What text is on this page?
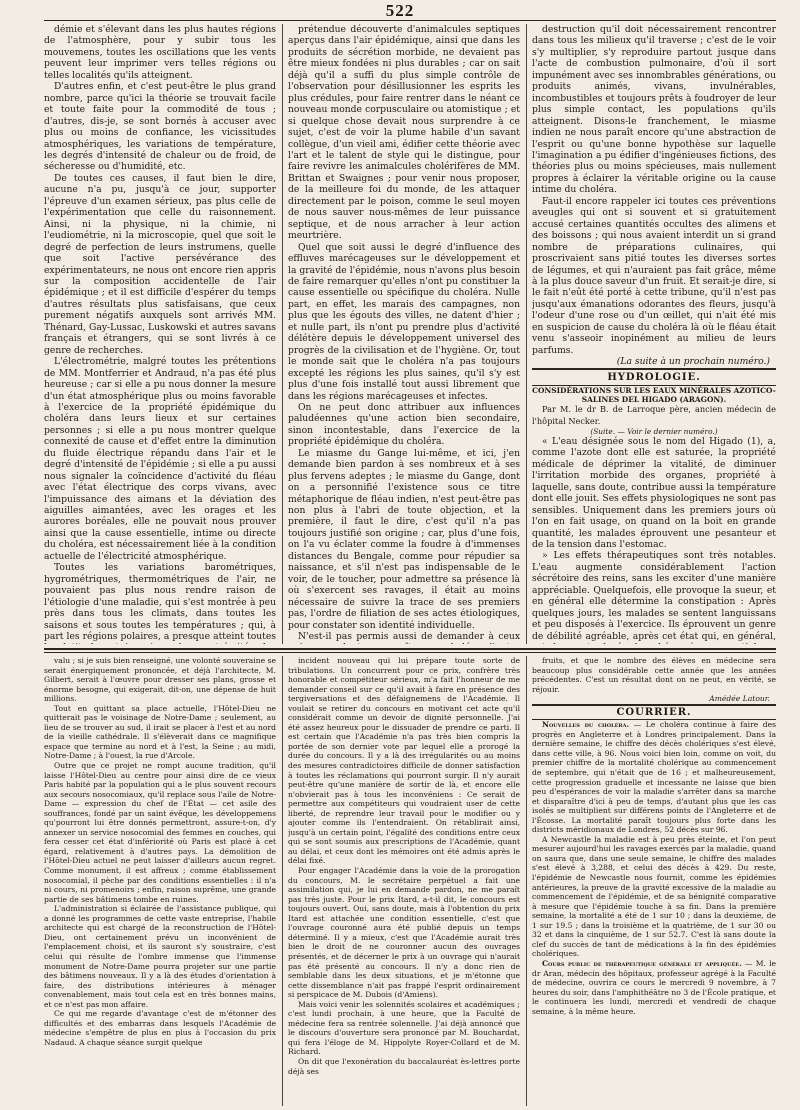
522

démie et s'élevant dans les plus hautes régions de l'atmosphère, pour y subir tous les mouvemens, toutes les oscillations que les vents peuvent leur imprimer vers telles régions ou telles localités qu'ils atteignent.

D'autres enfin, et c'est peut-être le plus grand nombre, parce qu'ici la théorie se trouvait facile et toute faite pour la commodité de tous ; d'autres, dis-je, se sont bornés à accuser avec plus ou moins de confiance, les vicissitudes atmosphériques, les variations de température, les degrés d'intensité de chaleur ou de froid, de sécheresse ou d'humidité, etc.

De toutes ces causes, il faut bien le dire, aucune n'a pu, jusqu'à ce jour, supporter l'épreuve d'un examen sérieux, pas plus celle de l'expérimentation que celle du raisonnement. Ainsi, ni la physique, ni la chimie, ni l'eudiométrie, ni la microscopie, quel que soit le degré de perfection de leurs instrumens, quelle que soit l'active persévérance des expérimentateurs, ne nous ont encore rien appris sur la composition accidentelle de l'air épidémique ; et il est difficile d'espérer du temps d'autres résultats plus satisfaisans, que ceux purement négatifs auxquels sont arrivés MM. Thénard, Gay-Lussac, Luskowski et autres savans français et étrangers, qui se sont livrés à ce genre de recherches.

L'électrométrie, malgré toutes les prétentions de MM. Montferrier et Andraud, n'a pas été plus heureuse ; car si elle a pu nous donner la mesure d'un état atmosphérique plus ou moins favorable à l'exercice de la propriété épidémique du choléra dans leurs lieux et sur certaines personnes ; si elle a pu nous montrer quelque connexité de cause et d'effet entre la diminution du fluide électrique répandu dans l'air et le degré d'intensité de l'épidémie ; si elle a pu aussi nous signaler la coïncidence d'activité du fléau avec l'état électrique des corps vivans, avec l'impuissance des aimans et la déviation des aiguilles aimantées, avec les orages et les aurores boréales, elle ne pouvait nous prouver ainsi que la cause essentielle, intime ou directe du choléra, est nécessairement liée à la condition actuelle de l'électricité atmosphérique.

Toutes les variations barométriques, hygrométriques, thermométriques de l'air, ne pouvaient pas plus nous rendre raison de l'étiologie d'une maladie, qui s'est montrée à peu près dans tous les climats, dans toutes les saisons et sous toutes les températures ; qui, à part les régions polaires, a presque atteint toutes

prétendue découverte d'animalcules septiques aperçus dans l'air épidémique, ainsi que dans les produits de sécrétion morbide, ne devaient pas être mieux fondées ni plus durables ; car on sait déjà qu'il a suffi du plus simple contrôle de l'observation pour désillusionner les esprits les plus crédules, pour faire rentrer dans le néant ce nouveau monde corpusculaire ou atomistique ; et si quelque chose devait nous surprendre à ce sujet, c'est de voir la plume habile d'un savant collègue, d'un vieil ami, édifier cette théorie avec l'art et le talent de style qui le distingue, pour faire revivre les animalcules cholérifères de MM. Brittan et Swaignes ; pour venir nous proposer, de la meilleure foi du monde, de les attaquer directement par le poison, comme le seul moyen de nous sauver nous-mêmes de leur puissance septique, et de nous arracher à leur action meurtrière.

Quel que soit aussi le degré d'influence des effluves marécageuses sur le développement et la gravité de l'épidémie, nous n'avons plus besoin de faire remarquer qu'elles n'ont pu constituer la cause essentielle ou spécifique du choléra. Nulle part, en effet, les marais des campagnes, non plus que les égouts des villes, ne datent d'hier ; et nulle part, ils n'ont pu prendre plus d'activité délétère depuis le développement universel des progrès de la civilisation et de l'hygiène. Or, tout le monde sait que le choléra n'a pas toujours excepté les régions les plus saines, qu'il s'y est plus d'une fois installé tout aussi librement que dans les régions marécageuses et infectes.

On ne peut donc attribuer aux influences paludéennes qu'une action bien secondaire, sinon incontestable, dans l'exercice de la propriété épidémique du choléra.

Le miasme du Gange lui-même, et ici, j'en demande bien pardon à ses nombreux et à ses plus fervens adeptes ; le miasme du Gange, dont on a personnifié l'existence sous ce titre métaphorique de fléau indien, n'est peut-être pas non plus à l'abri de toute objection, et la première, il faut le dire, c'est qu'il n'a pas toujours justifié son origine ; car, plus d'une fois, on l'a vu éclater comme la foudre à d'immenses distances du Bengale, comme pour répudier sa naissance, et s'il n'est pas indispensable de le voir, de le toucher, pour admettre sa présence là où s'exercent ses ravages, il était au moins nécessaire de suivre la trace de ses premiers pas, l'ordre de filiation de ses actes étiologiques, pour constater son identité individuelle.

N'est-il pas permis aussi de demander à ceux

destruction qu'il doit nécessairement rencontrer dans tous les milieux qu'il traverse ; c'est de le voir s'y multiplier, s'y reproduire partout jusque dans l'acte de combustion pulmonaire, d'où il sort impunément avec ses innombrables générations, ou produits animés, vivans, invulnérables, incombustibles et toujours prêts à foudroyer de leur plus simple contact, les populations qu'ils atteignent. Disons-le franchement, le miasme indien ne nous paraît encore qu'une abstraction de l'esprit ou qu'une bonne hypothèse sur laquelle l'imagination a pu édifier d'ingénieuses fictions, des théories plus ou moins spécieuses, mais nullement propres à éclairer la véritable origine ou la cause intime du choléra.

Faut-il encore rappeler ici toutes ces préventions aveugles qui ont si souvent et si gratuitement accusé certaines quantités occultes des alimens et des boissons ; qui nous avaient interdit un si grand nombre de préparations culinaires, qui proscrivaient sans pitié toutes les diverses sortes de légumes, et qui n'auraient pas fait grâce, même à la plus douce saveur d'un fruit. Et serait-je dire, si le fait n'eût été porté à cette tribune, qu'il n'est pas jusqu'aux émanations odorantes des fleurs, jusqu'à l'odeur d'une rose ou d'un œillet, qui n'ait été mis en suspicion de cause du choléra là où le fléau était venu s'asseoir inopinément au milieu de leurs parfums.

(La suite à un prochain numéro.)

HYDROLOGIE.

CONSIDÉRATIONS SUR LES EAUX MINÉRALES AZOTICO-SALINES DEL HIGADO (ARAGON).

Par M. le dr B. de Larroque père, ancien médecin de l'hôpital Necker.

(Suite. — Voir le dernier numéro.)

« L'eau désignée sous le nom del Higado (1), a, comme l'azote dont elle est saturée, la propriété médicale de déprimer la vitalité, de diminuer l'irritation morbide des organes, propriété à laquelle, sans doute, contribue aussi la température dont elle jouit. Ses effets physiologiques ne sont pas sensibles. Uniquement dans les premiers jours où l'on en fait usage, on quand on la boit en grande quantité, les malades éprouvent une pesanteur et de la tension dans l'estomac.

» Les effets thérapeutiques sont très notables. L'eau augmente considérablement l'action sécrétoire des reins, sans les exciter d'une manière appréciable. Quelquefois, elle provoque la sueur, et en général elle détermine la constipation : Après quelques jours, les malades se sentent languissans et peu disposés à l'exercice. Ils éprouvent un genre de débilité agréable, après cet état qui, en général,

valu ; si je suis bien renseigné, une volonté souveraine se serait énergiquement prononcée, et déjà l'architecte, M. Gilbert, serait à l'œuvre pour dresser ses plans, grosse et énorme besogne, qui exigerait, dit-on, une dépense de huit millions.

Tout en quittant sa place actuelle, l'Hôtel-Dieu ne quitterait pas le voisinage de Notre-Dame ; seulement, au lieu de se trouver au sud, il irait se placer à l'est et au nord de la vieille cathédrale. Il s'élèverait dans ce magnifique espace que termine au nord et à l'est, la Seine ; au midi, Notre-Dame ; à l'ouest, la rue d'Arcole.

Outre que ce projet ne rompt aucune tradition, qu'il laisse l'Hôtel-Dieu au centre pour ainsi dire de ce vieux Paris habité par la population qui a le plus souvent recours aux secours nosocomiaux, qu'il replace sous l'aile de Notre-Dame — expression du chef de l'État — cet asile des souffrances, fondé par un saint évêque, les développemens qu'pourront lui être donnés permettront, assure-t-on, d'y annexer un service nosocomial des femmes en couches, qui fera cesser cet état d'infériorité où Paris est placé à cet égard, relativement à d'autres pays. La démolition de l'Hôtel-Dieu actuel ne peut laisser d'ailleurs aucun regret. Comme monument, il est affreux ; comme établissement nosocomial, il pèche par des conditions essentielles : il n'a ni cours, ni promenoirs ; enfin, raison suprême, une grande partie de ses bâtimens tombe en ruines.

L'administration si éclairée de l'assistance publique, qui a donné les programmes de cette vaste entreprise, l'habile architecte qui est chargé de la reconstruction de l'Hôtel-Dieu, ont certainement prévu un inconvénient de l'emplacement choisi, et ils sauront s'y soustraire, c'est celui qui résulte de l'ombre immense que l'immense monument de Notre-Dame pourra projeter sur une partie des bâtimens nouveaux. Il y a là des études d'orientation à faire, des distributions intérieures à ménager convenablement, mais tout cela est en très bonnes mains, et ce n'est pas mon affaire.

Ce qui me regarde d'avantage c'est de m'étonner des difficultés et des embarras dans lesquels l'Académie de médecine s'empêtre de plus en plus à l'occasion du prix Nadaud. A chaque séance surgit quelque

incident nouveau qui lui prépare toute sorte de tribulations. Un concurrent pour ce prix, confrère très honorable et compétiteur sérieux, m'a fait l'honneur de me demander conseil sur ce qu'il avait à faire en présence des tergiversations et des défaignemens de l'Académie. Il voulait se retirer du concours en motivant cet acte qu'il considérait comme un devoir de dignité personnelle. J'ai été assez heureux pour le dissuader de prendre ce parti. Il est certain que l'Académie n'a pas très bien compris la portée de son dernier vote par lequel elle a prorogé la durée du concours. Il y a là des irrégularités ou au moins des mesures contradictoires difficile de donner satisfaction à toutes les réclamations qui pourront surgir. Il n'y aurait peut-être qu'une manière de sortir de là, et encore elle n'obvierait pas à tous les inconvéniens : Ce serait de permettre aux compétiteurs qui voudraient user de cette liberté, de reprendre leur travail pour le modifier ou y ajouter comme ils l'entendraient. On rétablirait ainsi, jusqu'à un certain point, l'égalité des conditions entre ceux qui se sont soumis aux prescriptions de l'Académie, quant au délai, et ceux dont les mémoires ont été admis après le délai fixé.

Pour engager l'Académie dans la voie de la prorogation du concours, M. le secrétaire perpétuel a fait une assimilation qui, je lui en demande pardon, ne me paraît pas très juste. Pour le prix Itard, a-t-il dit, le concours est toujours ouvert. Oui, sans doute, mais à l'obtention du prix Itard est attachée une condition essentielle, c'est que l'ouvrage couronné aura été publié depuis un temps déterminé. Il y a mieux, c'est que l'Académie aurait très bien le droit de ne couronner aucun des ouvrages présentés, et de décerner le prix à un ouvrage qui n'aurait pas été présenté au concours. Il n'y a donc rien de semblable dans les deux situations, et je m'étonne que cette dissemblance n'ait pas frappé l'esprit ordinairement si perspicace de M. Dubois (d'Amiens).

Mais voici venir les solennités scolaires et académiques ; c'est lundi prochain, à une heure, que la Faculté de médecine fera sa rentrée solennelle. J'ai déjà annoncé que le discours d'ouverture sera prononcé par M. Bouchardat, qui fera l'éloge de M. Hippolyte Royer-Collard et de M. Richard.

On dit que l'exonération du baccalauréat ès-lettres porte déjà ses

fruits, et que le nombre des élèves en médecine sera beaucoup plus considérable cette année que les années précédentes. C'est un résultat dont on ne peut, en vérité, se réjouir.

Amédée Latour.

COURRIER.

Nouvelles du choléra. — Le choléra continue à faire des progrès en Angleterre et à Londres principalement. Dans la dernière semaine, le chiffre des décès cholériques s'est élevé, dans cette ville, à 96. Nous voici bien loin, comme on voit, du premier chiffre de la mortalité cholérique au commencement de septembre, qui n'était que de 16 ; et malheureusement, cette progression graduelle et incessante ne laisse que bien peu d'espérances de voir la maladie s'arrêter dans sa marche et disparaître d'ici à peu de temps, d'autant plus que les cas isolés se multiplient sur différens points de l'Angleterre et de l'Écosse. La mortalité paraît toujours plus forte dans les districts méridionaux de Londres, 52 décès sur 96.

A Newcastle la maladie est à peu près éteinte, et l'on peut mesurer aujourd'hui les ravages exercés par la maladie, quand on saura que, dans une seule semaine, le chiffre des malades s'est élevé à 3,288, et celui des décès à 429. Du reste, l'épidémie de Newcastle nous fournit, comme les épidémies antérieures, la preuve de la gravité excessive de la maladie au commencement de l'épidémie, et de sa bénignité comparative à mesure que l'épidémie touche à sa fin. Dans la première semaine, la mortalité a été de 1 sur 10 ; dans la deuxième, de 1 sur 19.5 ; dans la troisième et la quatrième, de 1 sur 30 ou 32 et dans la cinquième, de 1 sur 52.7. C'est là sans doute la clef du succès de tant de médications à la fin des épidémies cholériques.

Cours public de thérapeutique générale et appliquée. — M. le dr Aran, médecin des hôpitaux, professeur agrégé à la Faculté de médecine, ouvrira ce cours le mercredi 9 novembre, à 7 heures du soir, dans l'amphithéâtre no 3 de l'École pratique, et le continuera les lundi, mercredi et vendredi de chaque semaine, à la même heure.
